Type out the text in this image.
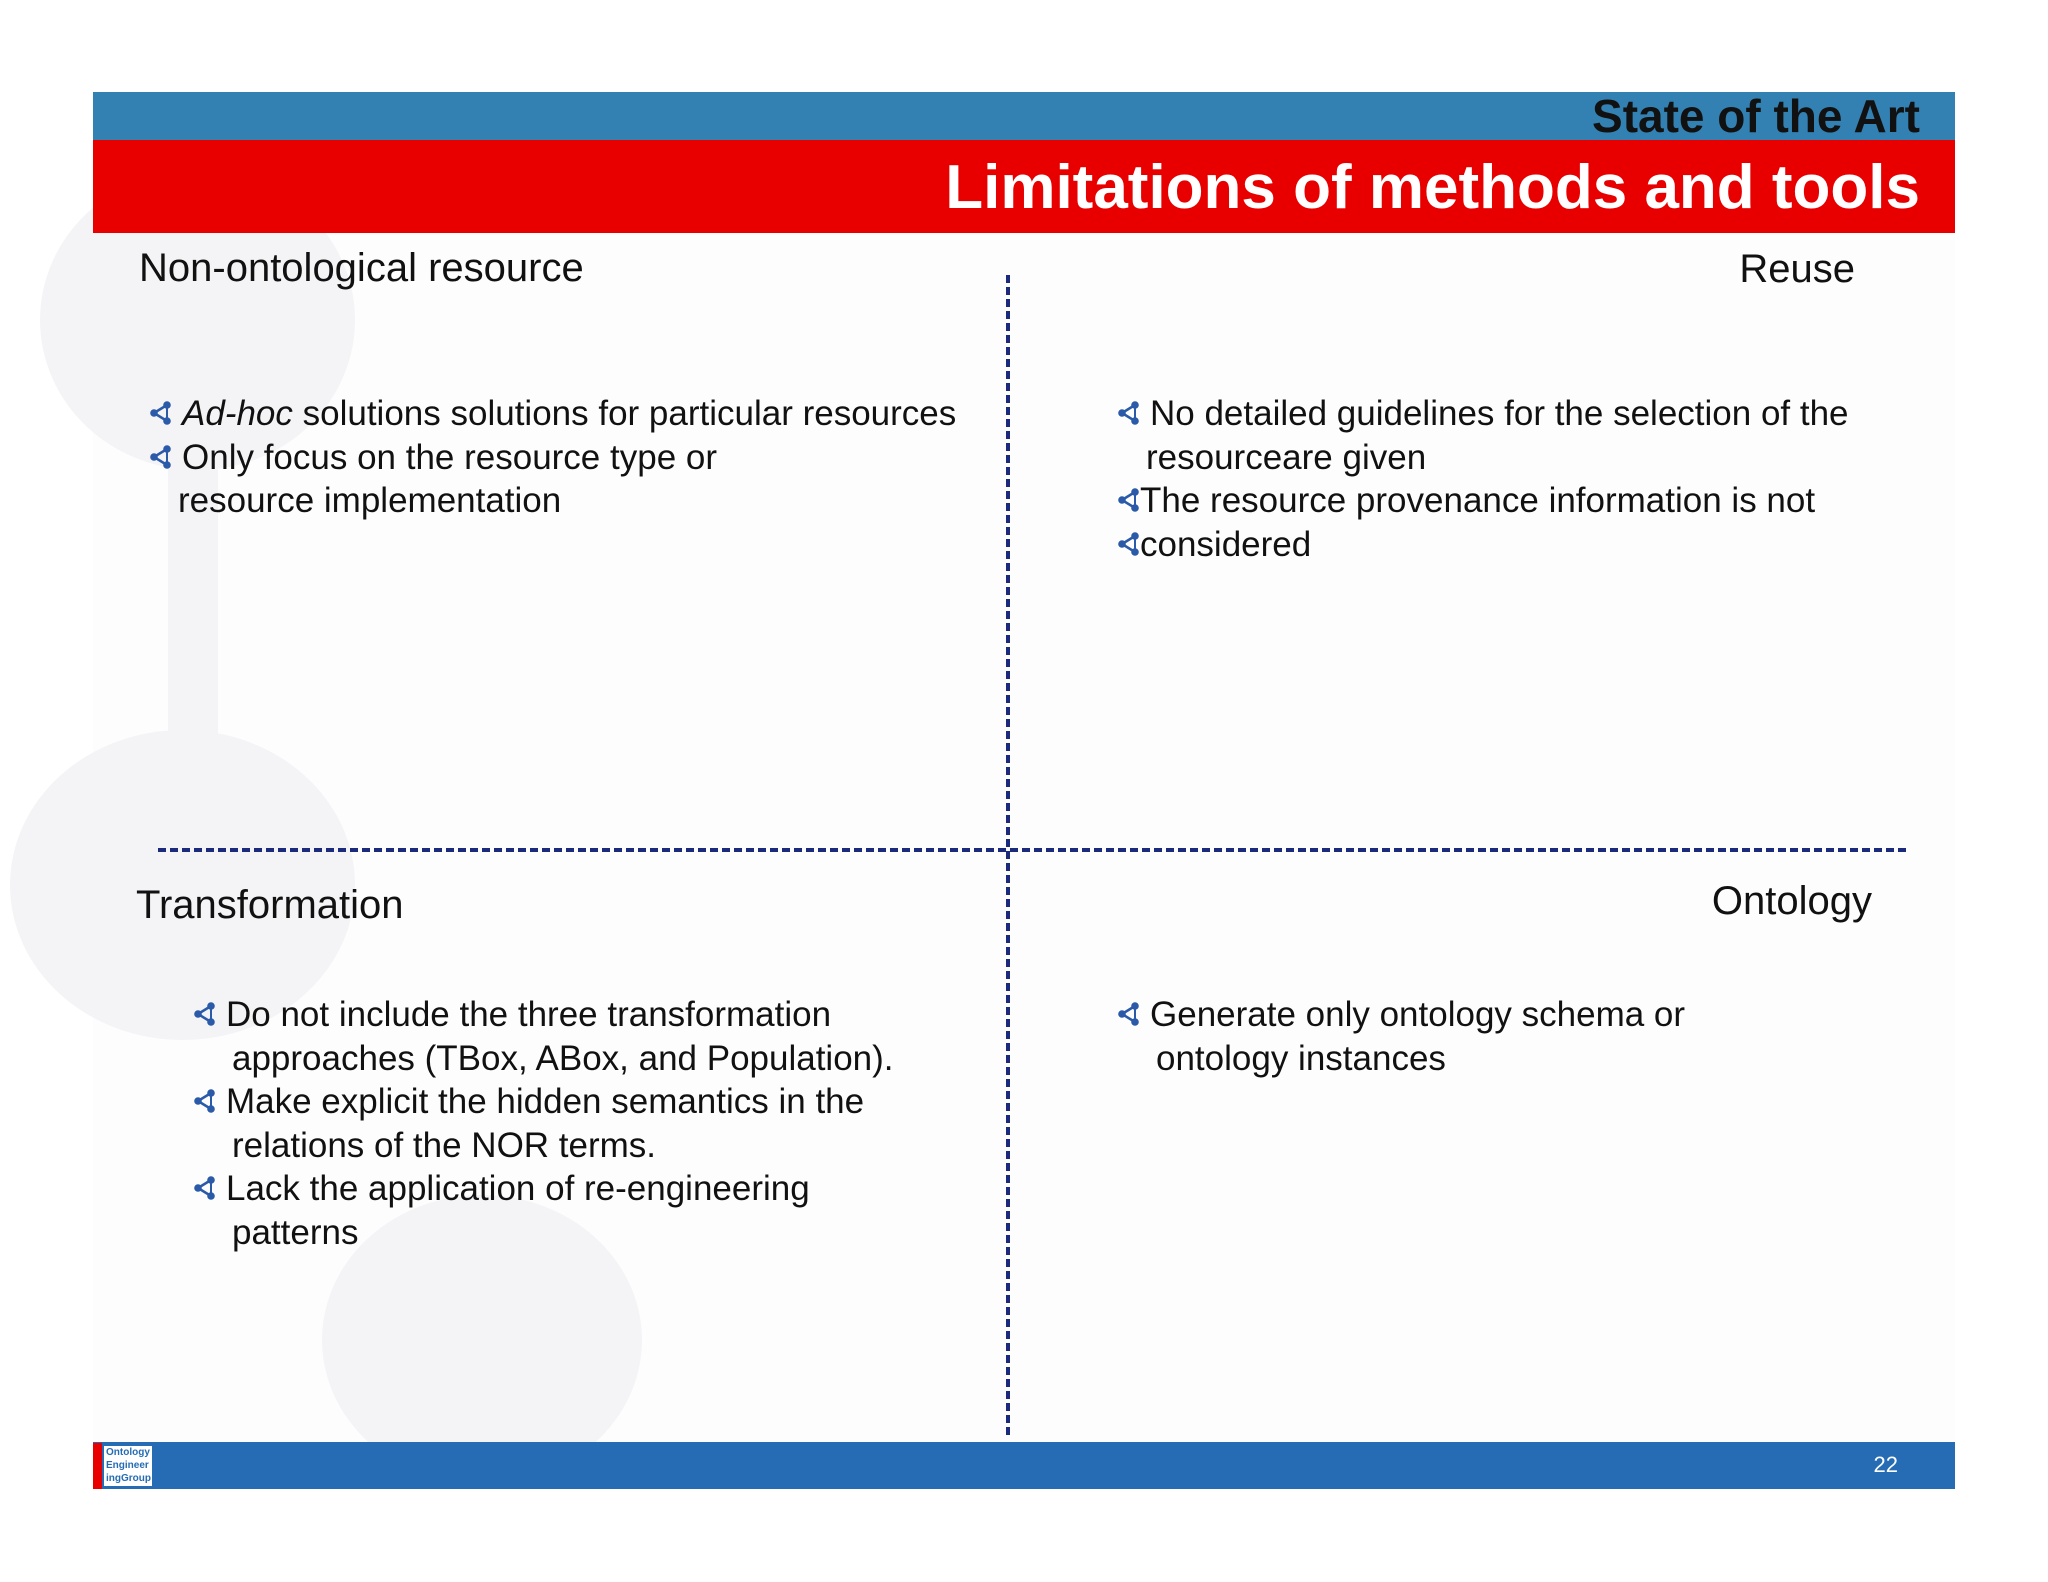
State of the Art
Limitations of methods and tools
Non-ontological resource	Reuse
Transformation	Ontology
Ad-hoc solutions solutions for particular resources
Only focus on the resource type or
resource implementation
No detailed guidelines for the selection of the
resourceare given
The resource provenance information is not
considered
Do not include the three transformation
approaches (TBox, ABox, and Population).
Make explicit the hidden semantics in the
relations of the NOR terms.
Lack the application of re-engineering
patterns
Generate only ontology schema or
ontology instances
Ontology
Engineer
ingGroup
22
